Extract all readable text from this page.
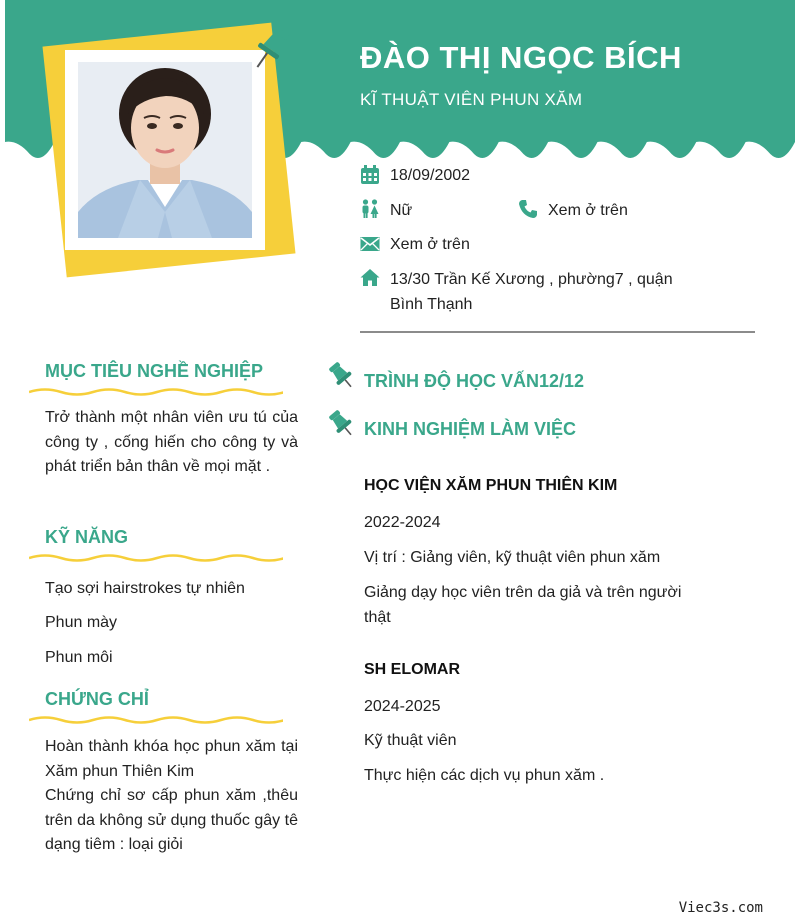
ĐÀO THỊ NGỌC BÍCH
KĨ THUẬT VIÊN PHUN XĂM
18/09/2002
Nữ	Xem ở trên
Xem ở trên
13/30 Trần Kế Xương , phường7 , quận
Bình Thạnh
MỤC TIÊU NGHỀ NGHIỆP
Trở thành một nhân viên ưu tú của công ty , cống hiến cho công ty và phát triển bản thân về mọi mặt .
KỸ NĂNG
Tạo sợi hairstrokes tự nhiên
Phun mày
Phun môi
CHỨNG CHỈ
Hoàn thành khóa học phun xăm tại Xăm phun Thiên Kim
Chứng chỉ sơ cấp phun xăm ,thêu trên da không sử dụng thuốc gây tê dạng tiêm : loại giỏi
TRÌNH ĐỘ HỌC VẤN12/12
KINH NGHIỆM LÀM VIỆC
HỌC VIỆN XĂM PHUN THIÊN KIM
2022-2024
Vị trí : Giảng viên, kỹ thuật viên phun xăm
Giảng dạy học viên trên da giả và trên người thật
SH ELOMAR
2024-2025
Kỹ thuật viên
Thực hiện các dịch vụ phun xăm .
Viec3s.com
